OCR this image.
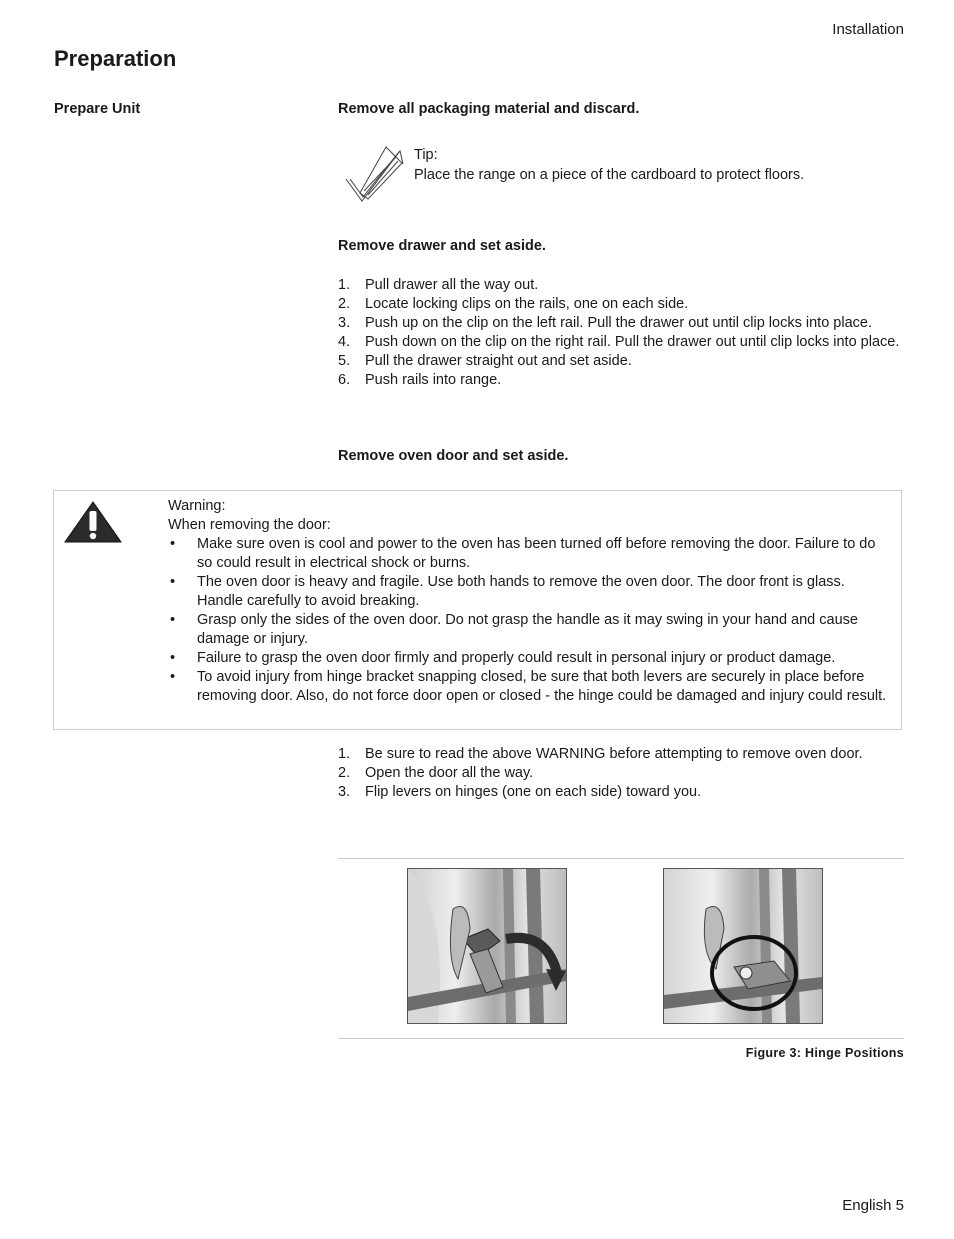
Installation
Preparation
Prepare Unit	Remove all packaging material and discard.
Tip:
Place the range on a piece of the cardboard to protect floors.
Remove drawer and set aside.
1. Pull drawer all the way out.
2. Locate locking clips on the rails, one on each side.
3. Push up on the clip on the left rail. Pull the drawer out until clip locks into place.
4. Push down on the clip on the right rail. Pull the drawer out until clip locks into place.
5. Pull the drawer straight out and set aside.
6. Push rails into range.
Remove oven door and set aside.
Warning:
When removing the door:
• Make sure oven is cool and power to the oven has been turned off before removing the door. Failure to do so could result in electrical shock or burns.
• The oven door is heavy and fragile. Use both hands to remove the oven door. The door front is glass. Handle carefully to avoid breaking.
• Grasp only the sides of the oven door. Do not grasp the handle as it may swing in your hand and cause damage or injury.
• Failure to grasp the oven door firmly and properly could result in personal injury or product damage.
• To avoid injury from hinge bracket snapping closed, be sure that both levers are securely in place before removing door. Also, do not force door open or closed - the hinge could be damaged and injury could result.
1. Be sure to read the above WARNING before attempting to remove oven door.
2. Open the door all the way.
3. Flip levers on hinges (one on each side) toward you.
Figure 3: Hinge Positions
English 5
